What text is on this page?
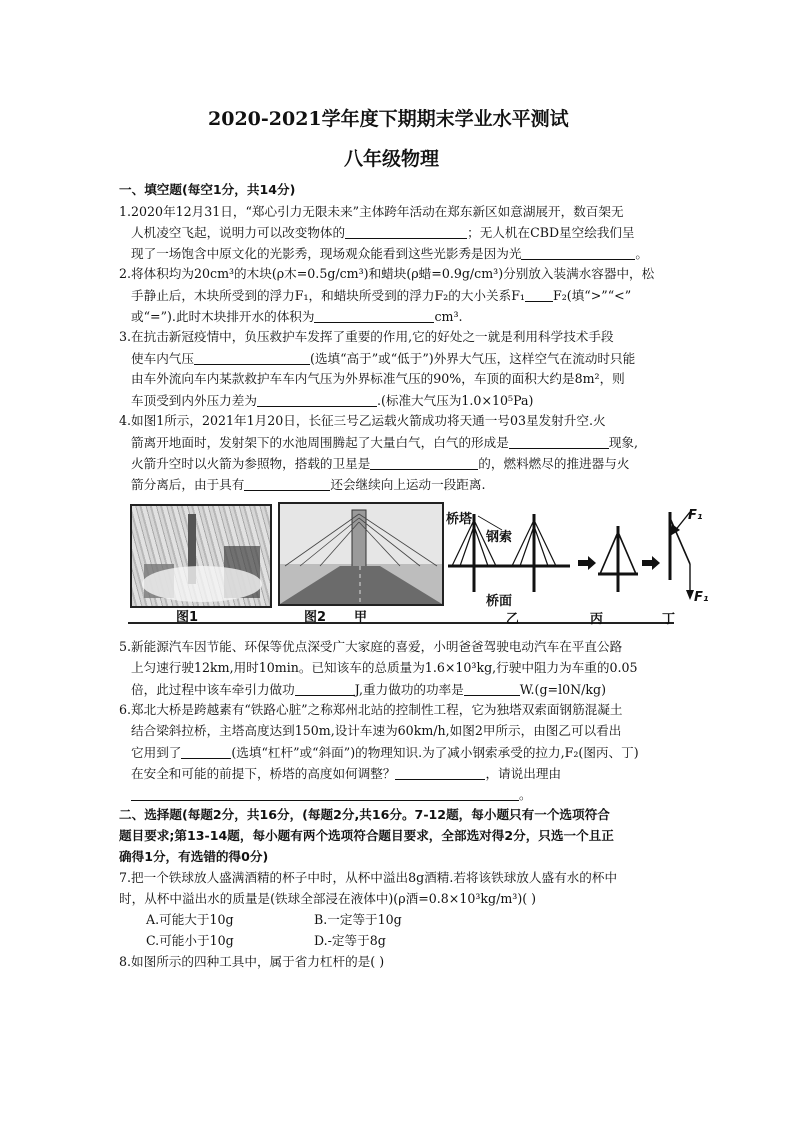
2020-2021学年度下期期末学业水平测试
八年级物理
一、填空题(每空1分，共14分)
1.2020年12月31日，“郑心引力无限未来”主体跨年活动在郑东新区如意湖展开，数百架无
人机凌空飞起，说明力可以改变物体的	；无人机在CBD星空绘我们呈
现了一场饱含中原文化的光影秀，现场观众能看到这些光影秀是因为光	。
2.将体积均为20cm³的木块(ρ木=0.5g/cm³)和蜡块(ρ蜡=0.9g/cm³)分别放入装满水容器中，松
手静止后，木块所受到的浮力F₁，和蜡块所受到的浮力F₂的大小关系F₁ F₂(填“>”“<”
或“=”).此时木块排开水的体积为	cm³.
3.在抗击新冠疫情中，负压救护车发挥了重要的作用,它的好处之一就是利用科学技术手段
使车内气压	(选填“高于”或“低于”)外界大气压，这样空气在流动时只能
由车外流向车内某款救护车车内气压为外界标准气压的90%，车顶的面积大约是8m²，则
车顶受到内外压力差为	.(标准大气压为1.0×10⁵Pa)
4.如图1所示，2021年1月20日，长征三号乙运载火箭成功将天通一号03星发射升空.火
箭离开地面时，发射架下的水池周围腾起了大量白气，白气的形成是	现象,
火箭升空时以火箭为参照物，搭载的卫星是	的，燃料燃尽的推进器与火
箭分离后，由于具有	还会继续向上运动一段距离.
桥塔
钢索
桥面
F₁
F₁
图1	图2 甲	乙	丙	丁
5.新能源汽车因节能、环保等优点深受广大家庭的喜爱，小明爸爸驾驶电动汽车在平直公路
上匀速行驶12km,用时10min。已知该车的总质量为1.6×10³kg,行驶中阻力为车重的0.05
倍，此过程中该车牵引力做功	J,重力做功的功率是	W.(g=l0N/kg)
6.郑北大桥是跨越素有“铁路心脏”之称郑州北站的控制性工程，它为独塔双索面钢筋混凝土
结合梁斜拉桥，主塔高度达到150m,设计车速为60km/h,如图2甲所示，由图乙可以看出
它用到了	(选填“杠杆”或“斜面”)的物理知识.为了减小钢索承受的拉力,F₂(图丙、丁)
在安全和可能的前提下，桥塔的高度如何调整？	，请说出理由
。
二、选择题(每题2分，共16分，(每题2分,共16分。7-12题，每小题只有一个选项符合
题目要求;第13-14题，每小题有两个选项符合题目要求，全部选对得2分，只选一个且正
确得1分，有选错的得0分)
7.把一个铁球放人盛满酒精的杯子中时，从杯中溢出8g酒精.若将该铁球放人盛有水的杯中
时，从杯中溢出水的质量是(铁球全部浸在液体中)(ρ酒=0.8×10³kg/m³)( )
A.可能大于10g	B.一定等于10g
C.可能小于10g	D.-定等于8g
8.如图所示的四种工具中，属于省力杠杆的是( )
